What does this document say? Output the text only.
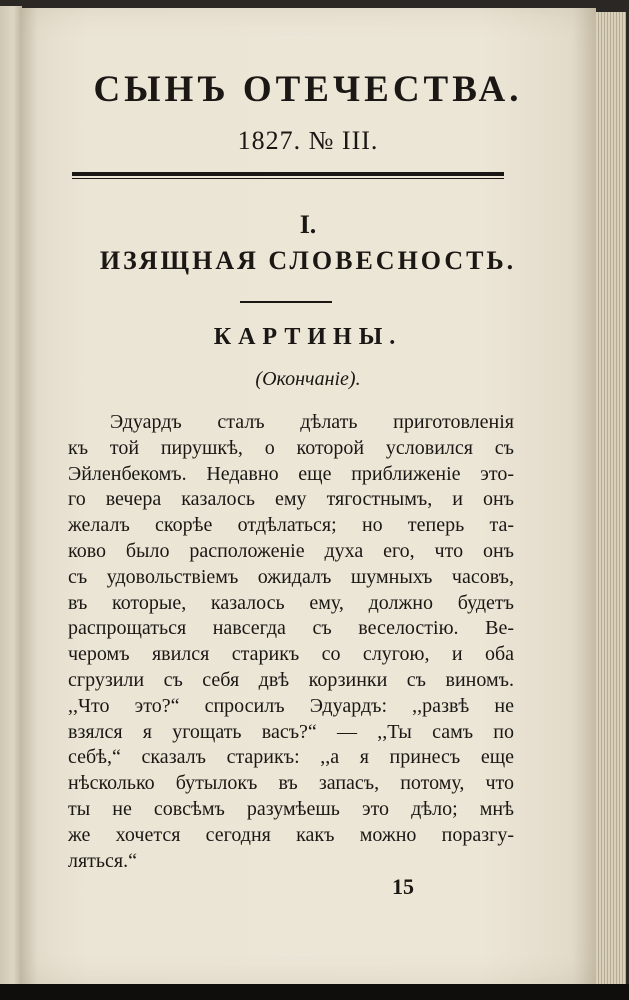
СЫНЪ ОТЕЧЕСТВА.
1827. № III.
I.
ИЗЯЩНАЯ СЛОВЕСНОСТЬ.
КАРТИНЫ.
(Окончаніе).
Эдуардъ сталъ дѣлать приготовленія
къ той пирушкѣ, о которой условился съ
Эйленбекомъ. Недавно еще приближеніе это-
го вечера казалось ему тягостнымъ, и онъ
желалъ скорѣе отдѣлаться; но теперь та-
ково было расположеніе духа его, что онъ
съ удовольствіемъ ожидалъ шумныхъ часовъ,
въ которые, казалось ему, должно будетъ
распрощаться навсегда съ веселостію. Ве-
черомъ явился старикъ со слугою, и оба
сгрузили съ себя двѣ корзинки съ виномъ.
,,Что это?“ спросилъ Эдуардъ: ,,развѣ не
взялся я угощать васъ?“ — ,,Ты самъ по
себѣ,“ сказалъ старикъ: ,,а я принесъ еще
нѣсколько бутылокъ въ запасъ, потому, что
ты не совсѣмъ разумѣешь это дѣло; мнѣ
же хочется сегодня какъ можно поразгу-
ляться.“
15
